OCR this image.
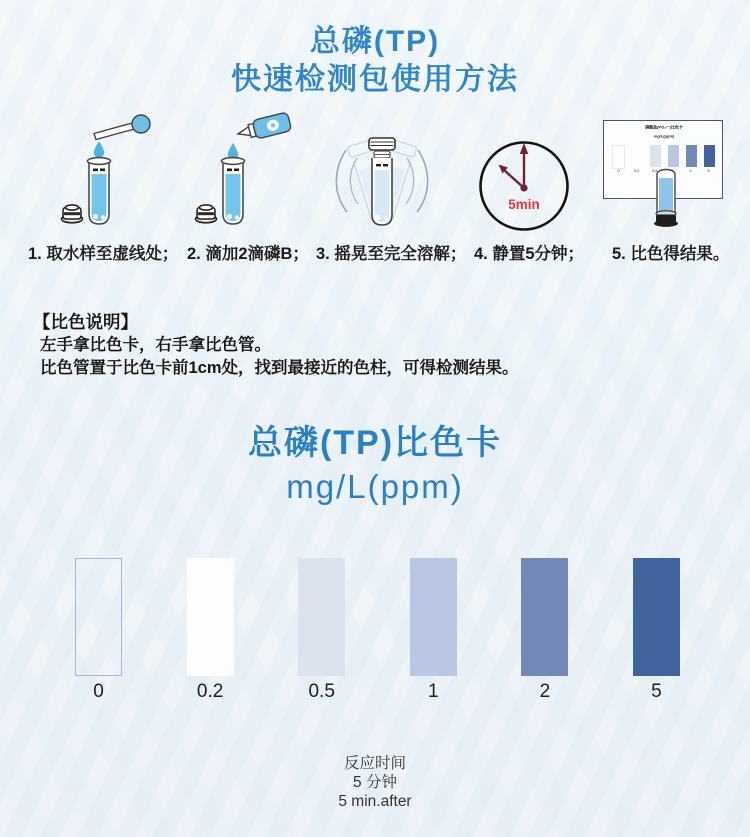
总磷(TP)
快速检测包使用方法
5min
磷酸盐(PO₄³⁻)比色卡
mg/L(ppm)
0 0.2 0.5	2 5
1. 取水样至虚线处； 2. 滴加2滴磷B； 3. 摇晃至完全溶解； 4. 静置5分钟； 5. 比色得结果。
【比色说明】
左手拿比色卡，右手拿比色管。
比色管置于比色卡前1cm处，找到最接近的色柱，可得检测结果。
总磷(TP)比色卡
mg/L(ppm)
0	0.2	0.5	1	2	5
反应时间
5 分钟
5 min.after
